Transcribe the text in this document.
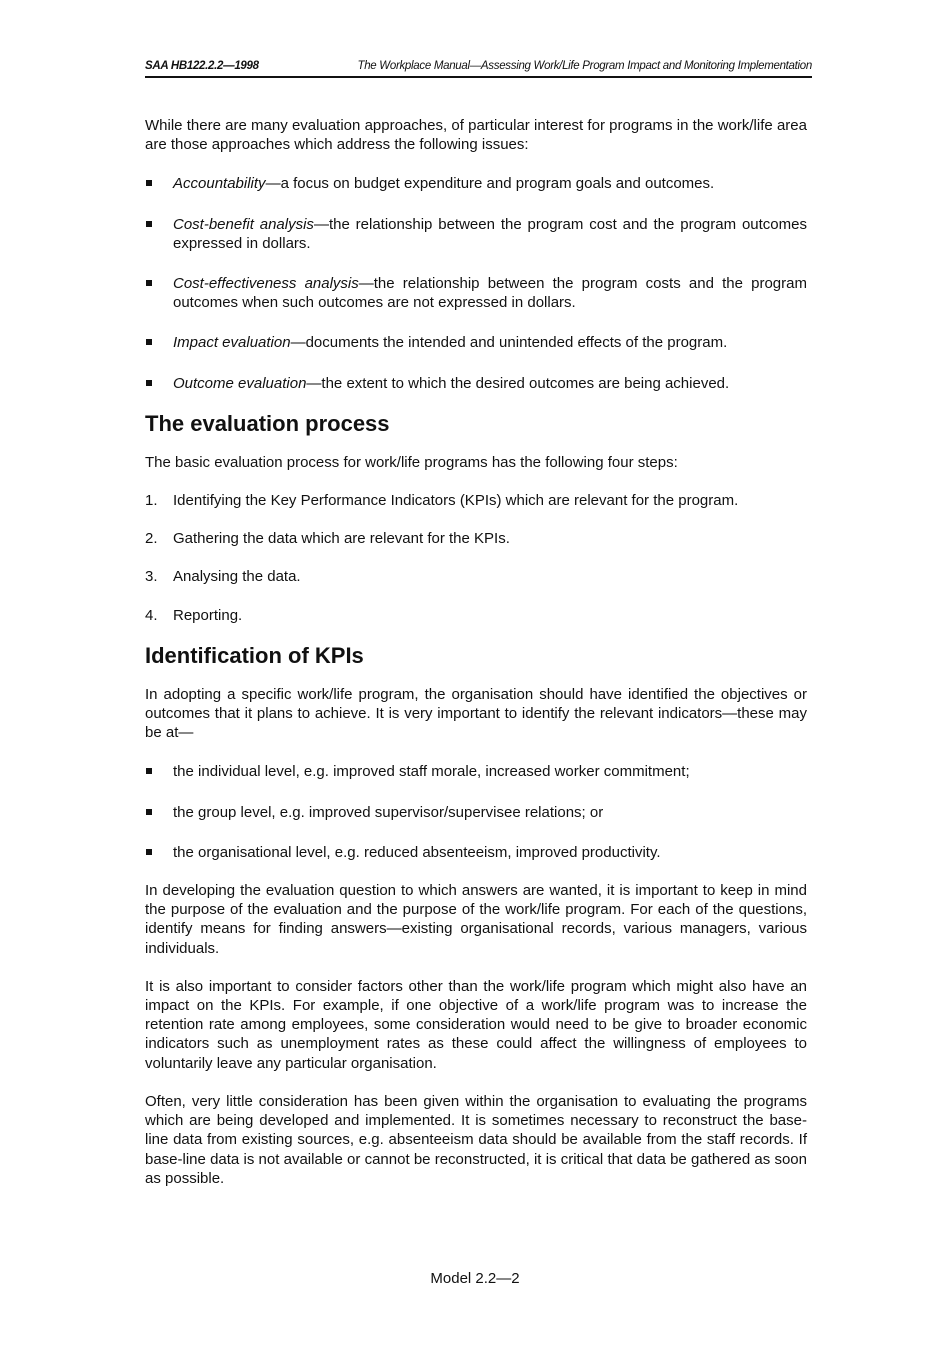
SAA HB122.2.2—1998	The Workplace Manual—Assessing Work/Life Program Impact and Monitoring Implementation

While there are many evaluation approaches, of particular interest for programs in the work/life area are those approaches which address the following issues:

Accountability—a focus on budget expenditure and program goals and outcomes.
Cost-benefit analysis—the relationship between the program cost and the program outcomes expressed in dollars.
Cost-effectiveness analysis—the relationship between the program costs and the program outcomes when such outcomes are not expressed in dollars.
Impact evaluation—documents the intended and unintended effects of the program.
Outcome evaluation—the extent to which the desired outcomes are being achieved.
The evaluation process

The basic evaluation process for work/life programs has the following four steps:

1. Identifying the Key Performance Indicators (KPIs) which are relevant for the program.
2. Gathering the data which are relevant for the KPIs.
3. Analysing the data.
4. Reporting.
Identification of KPIs

In adopting a specific work/life program, the organisation should have identified the objectives or outcomes that it plans to achieve. It is very important to identify the relevant indicators—these may be at—

the individual level, e.g. improved staff morale, increased worker commitment;
the group level, e.g. improved supervisor/supervisee relations; or
the organisational level, e.g. reduced absenteeism, improved productivity.

In developing the evaluation question to which answers are wanted, it is important to keep in mind the purpose of the evaluation and the purpose of the work/life program. For each of the questions, identify means for finding answers—existing organisational records, various managers, various individuals.

It is also important to consider factors other than the work/life program which might also have an impact on the KPIs. For example, if one objective of a work/life program was to increase the retention rate among employees, some consideration would need to be give to broader economic indicators such as unemployment rates as these could affect the willingness of employees to voluntarily leave any particular organisation.

Often, very little consideration has been given within the organisation to evaluating the programs which are being developed and implemented. It is sometimes necessary to reconstruct the base-line data from existing sources, e.g. absenteeism data should be available from the staff records. If base-line data is not available or cannot be reconstructed, it is critical that data be gathered as soon as possible.

Model 2.2—2
